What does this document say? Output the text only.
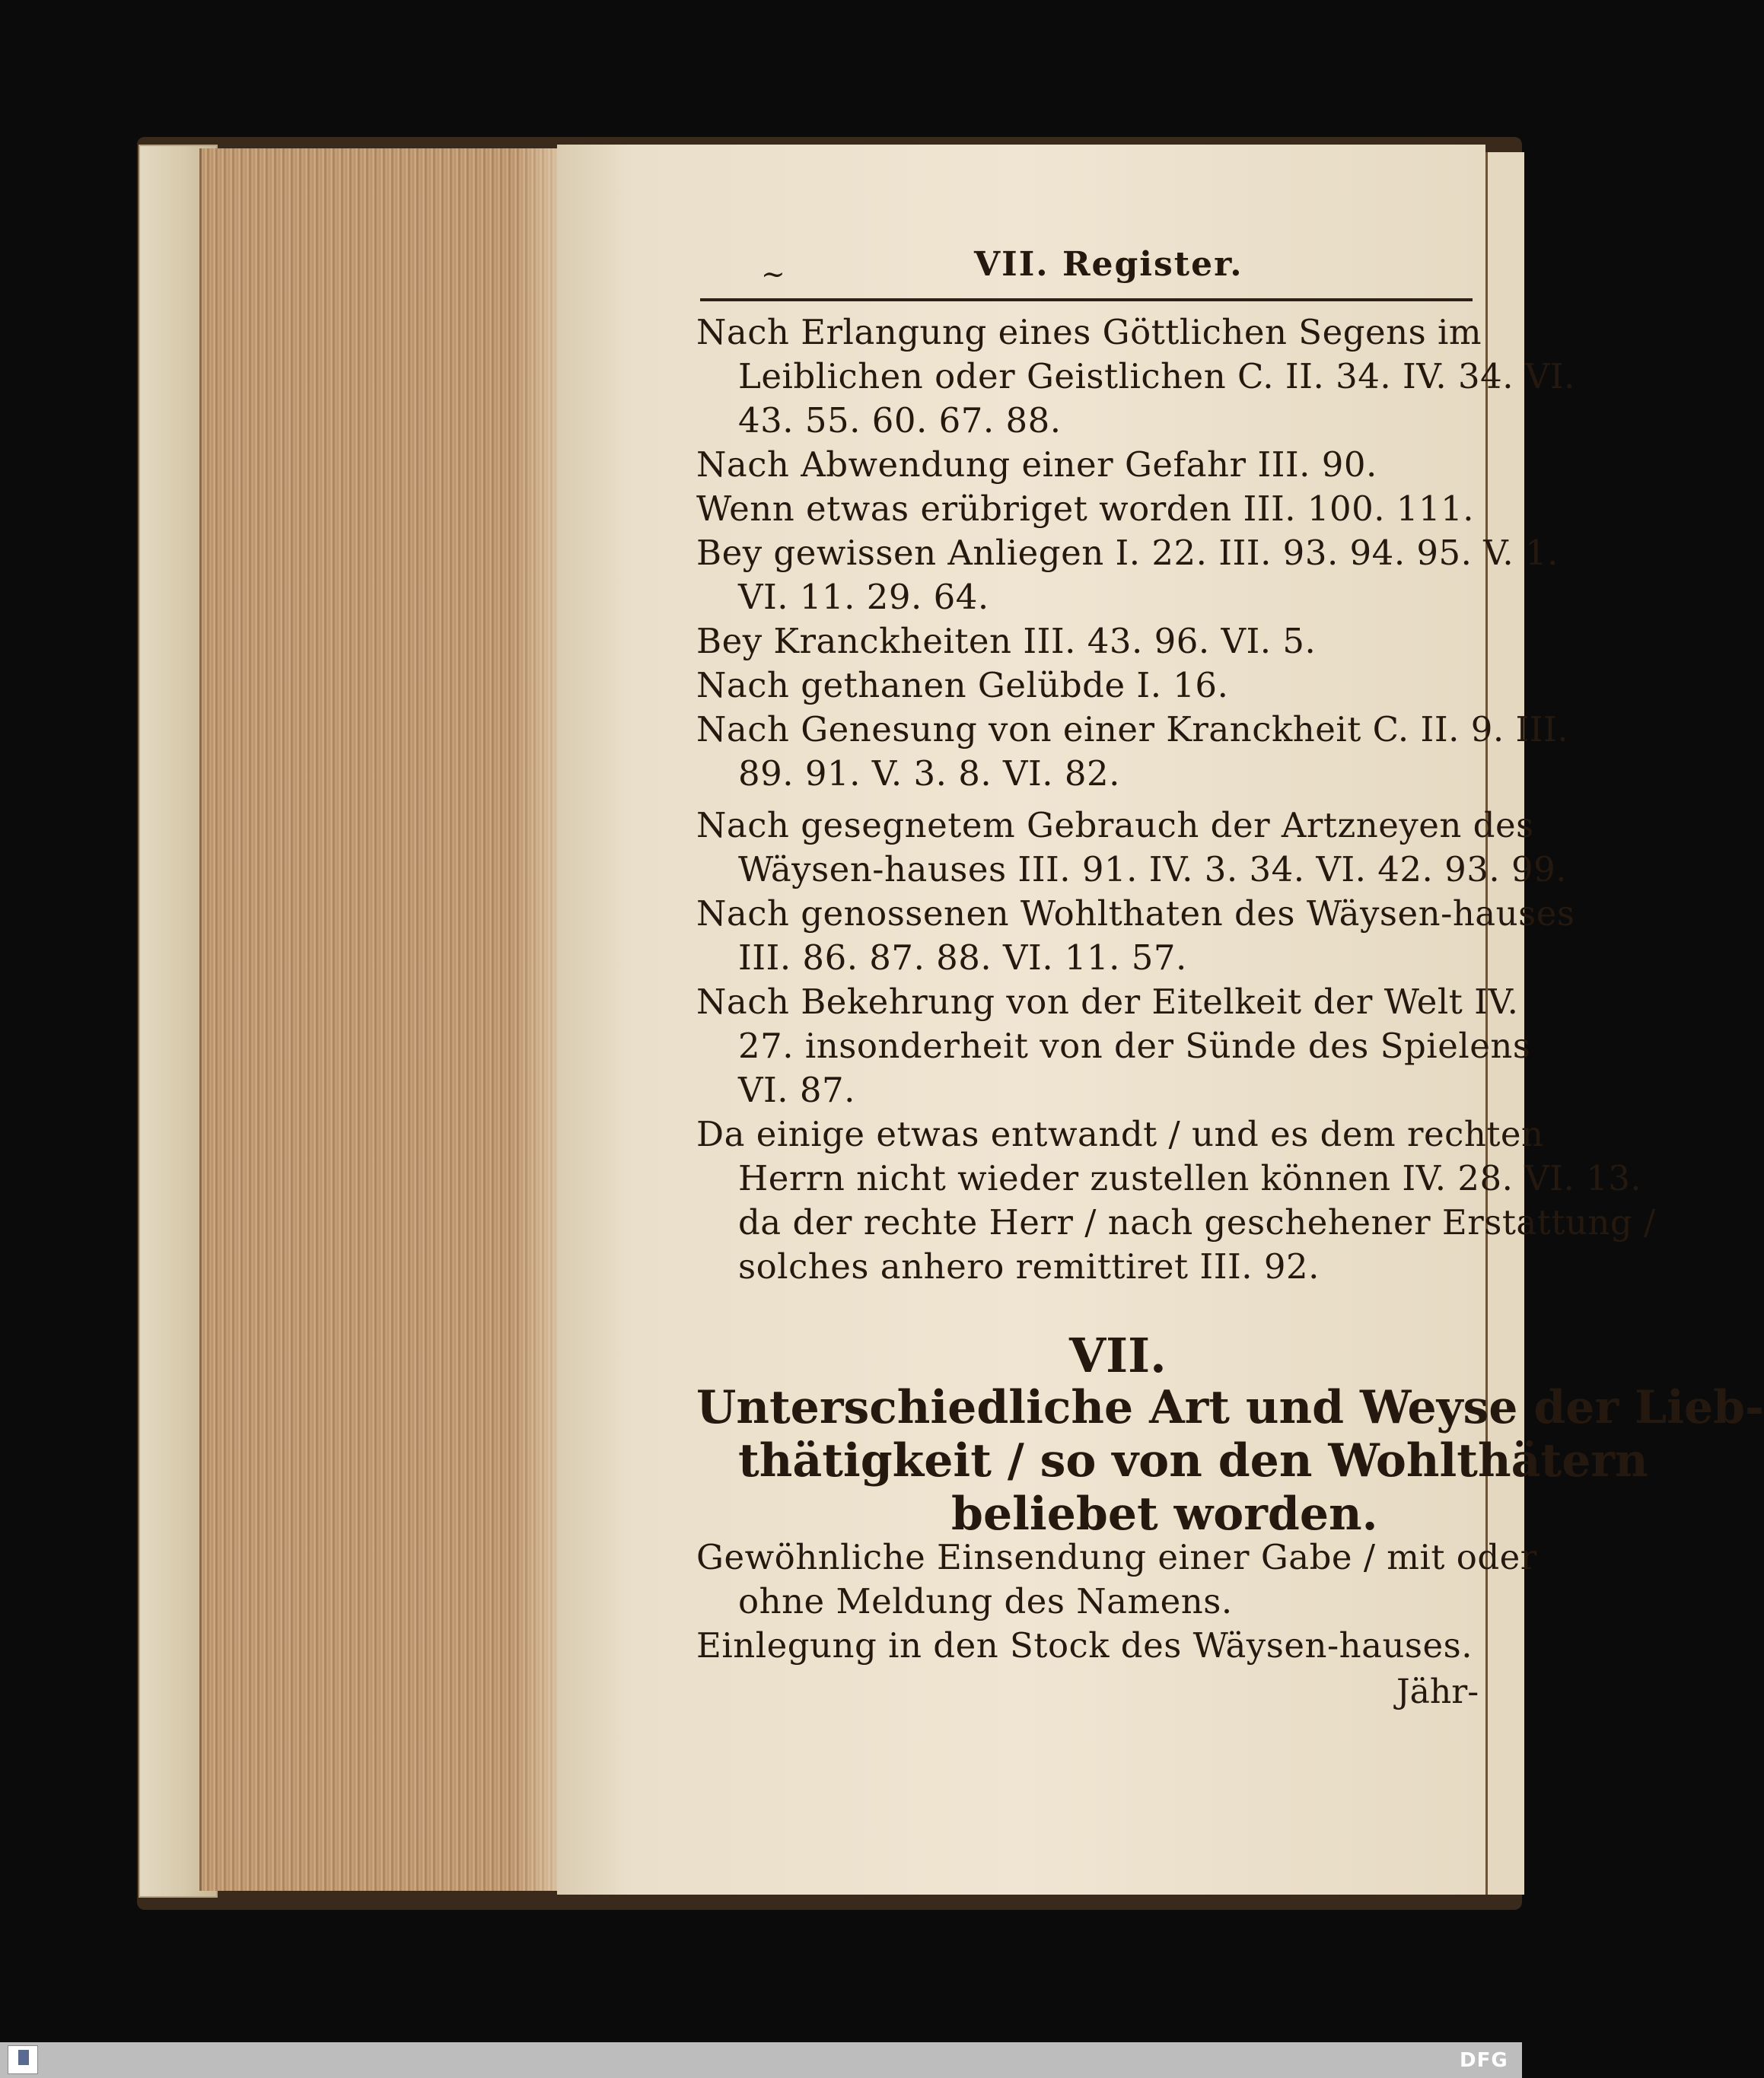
~	VII. Register.
Nach Erlangung eines Göttlichen Segens im
Leiblichen oder Geistlichen C. II. 34. IV. 34. VI.
43. 55. 60. 67. 88.
Nach Abwendung einer Gefahr III. 90.
Wenn etwas erübriget worden III. 100. 111.
Bey gewissen Anliegen I. 22. III. 93. 94. 95. V. 1.
VI. 11. 29. 64.
Bey Kranckheiten III. 43. 96. VI. 5.
Nach gethanen Gelübde I. 16.
Nach Genesung von einer Kranckheit C. II. 9. III.
89. 91. V. 3. 8. VI. 82.
Nach gesegnetem Gebrauch der Artzneyen des
Wäysen-hauses III. 91. IV. 3. 34. VI. 42. 93. 99.
Nach genossenen Wohlthaten des Wäysen-hauses
III. 86. 87. 88. VI. 11. 57.
Nach Bekehrung von der Eitelkeit der Welt IV.
27. insonderheit von der Sünde des Spielens
VI. 87.
Da einige etwas entwandt / und es dem rechten
Herrn nicht wieder zustellen können IV. 28. VI. 13.
da der rechte Herr / nach geschehener Erstattung /
solches anhero remittiret III. 92.
VII.
Unterschiedliche Art und Weyse der Lieb-
thätigkeit / so von den Wohlthätern
beliebet worden.
Gewöhnliche Einsendung einer Gabe / mit oder
ohne Meldung des Namens.
Einlegung in den Stock des Wäysen-hauses.
Jähr-
DFG
